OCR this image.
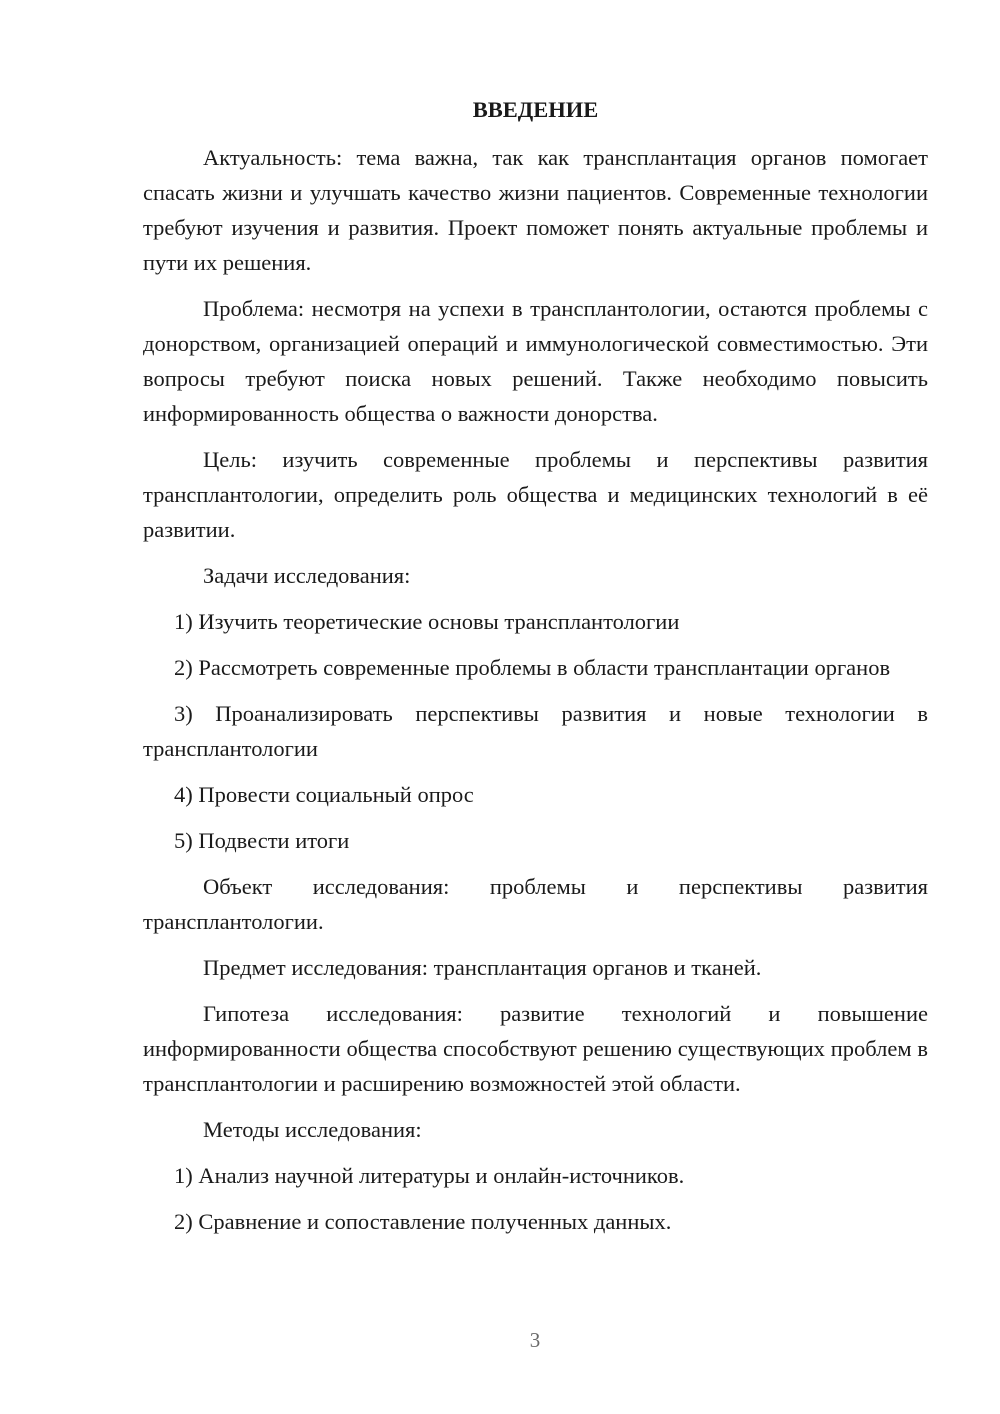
ВВЕДЕНИЕ

Актуальность: тема важна, так как трансплантация органов помогает спасать жизни и улучшать качество жизни пациентов. Современные технологии требуют изучения и развития. Проект поможет понять актуальные проблемы и пути их решения.

Проблема: несмотря на успехи в трансплантологии, остаются проблемы с донорством, организацией операций и иммунологической совместимостью. Эти вопросы требуют поиска новых решений. Также необходимо повысить информированность общества о важности донорства.

Цель: изучить современные проблемы и перспективы развития трансплантологии, определить роль общества и медицинских технологий в её развитии.

Задачи исследования:

1) Изучить теоретические основы трансплантологии

2) Рассмотреть современные проблемы в области трансплантации органов

3) Проанализировать перспективы развития и новые технологии в трансплантологии

4) Провести социальный опрос

5) Подвести итоги

Объект исследования: проблемы и перспективы развития трансплантологии.

Предмет исследования: трансплантация органов и тканей.

Гипотеза исследования: развитие технологий и повышение информированности общества способствуют решению существующих проблем в трансплантологии и расширению возможностей этой области.

Методы исследования:

1) Анализ научной литературы и онлайн-источников.

2) Сравнение и сопоставление полученных данных.

3
